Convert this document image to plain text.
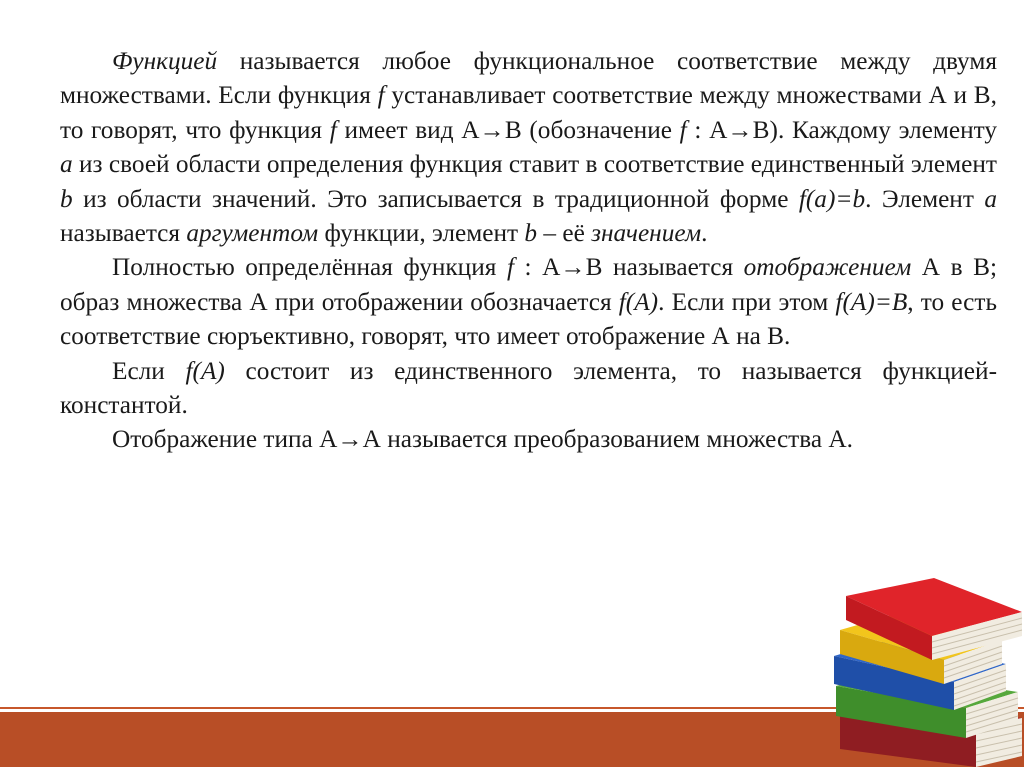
Функцией называется любое функциональное соответствие между двумя множествами. Если функция f устанавливает соответствие между множествами А и В, то говорят, что функция f имеет вид А→В (обозначение f : А→В). Каждому элементу a из своей области определения функция ставит в соответствие единственный элемент b из области значений. Это записывается в традиционной форме f(a)=b. Элемент a называется аргументом функции, элемент b – её значением.

Полностью определённая функция f : А→В называется отображением А в В; образ множества А при отображении обозначается f(A). Если при этом f(A)=B, то есть соответствие сюръективно, говорят, что имеет отображение А на В.

Если f(A) состоит из единственного элемента, то называется функцией-константой.

Отображение типа А→А называется преобразованием множества А.
